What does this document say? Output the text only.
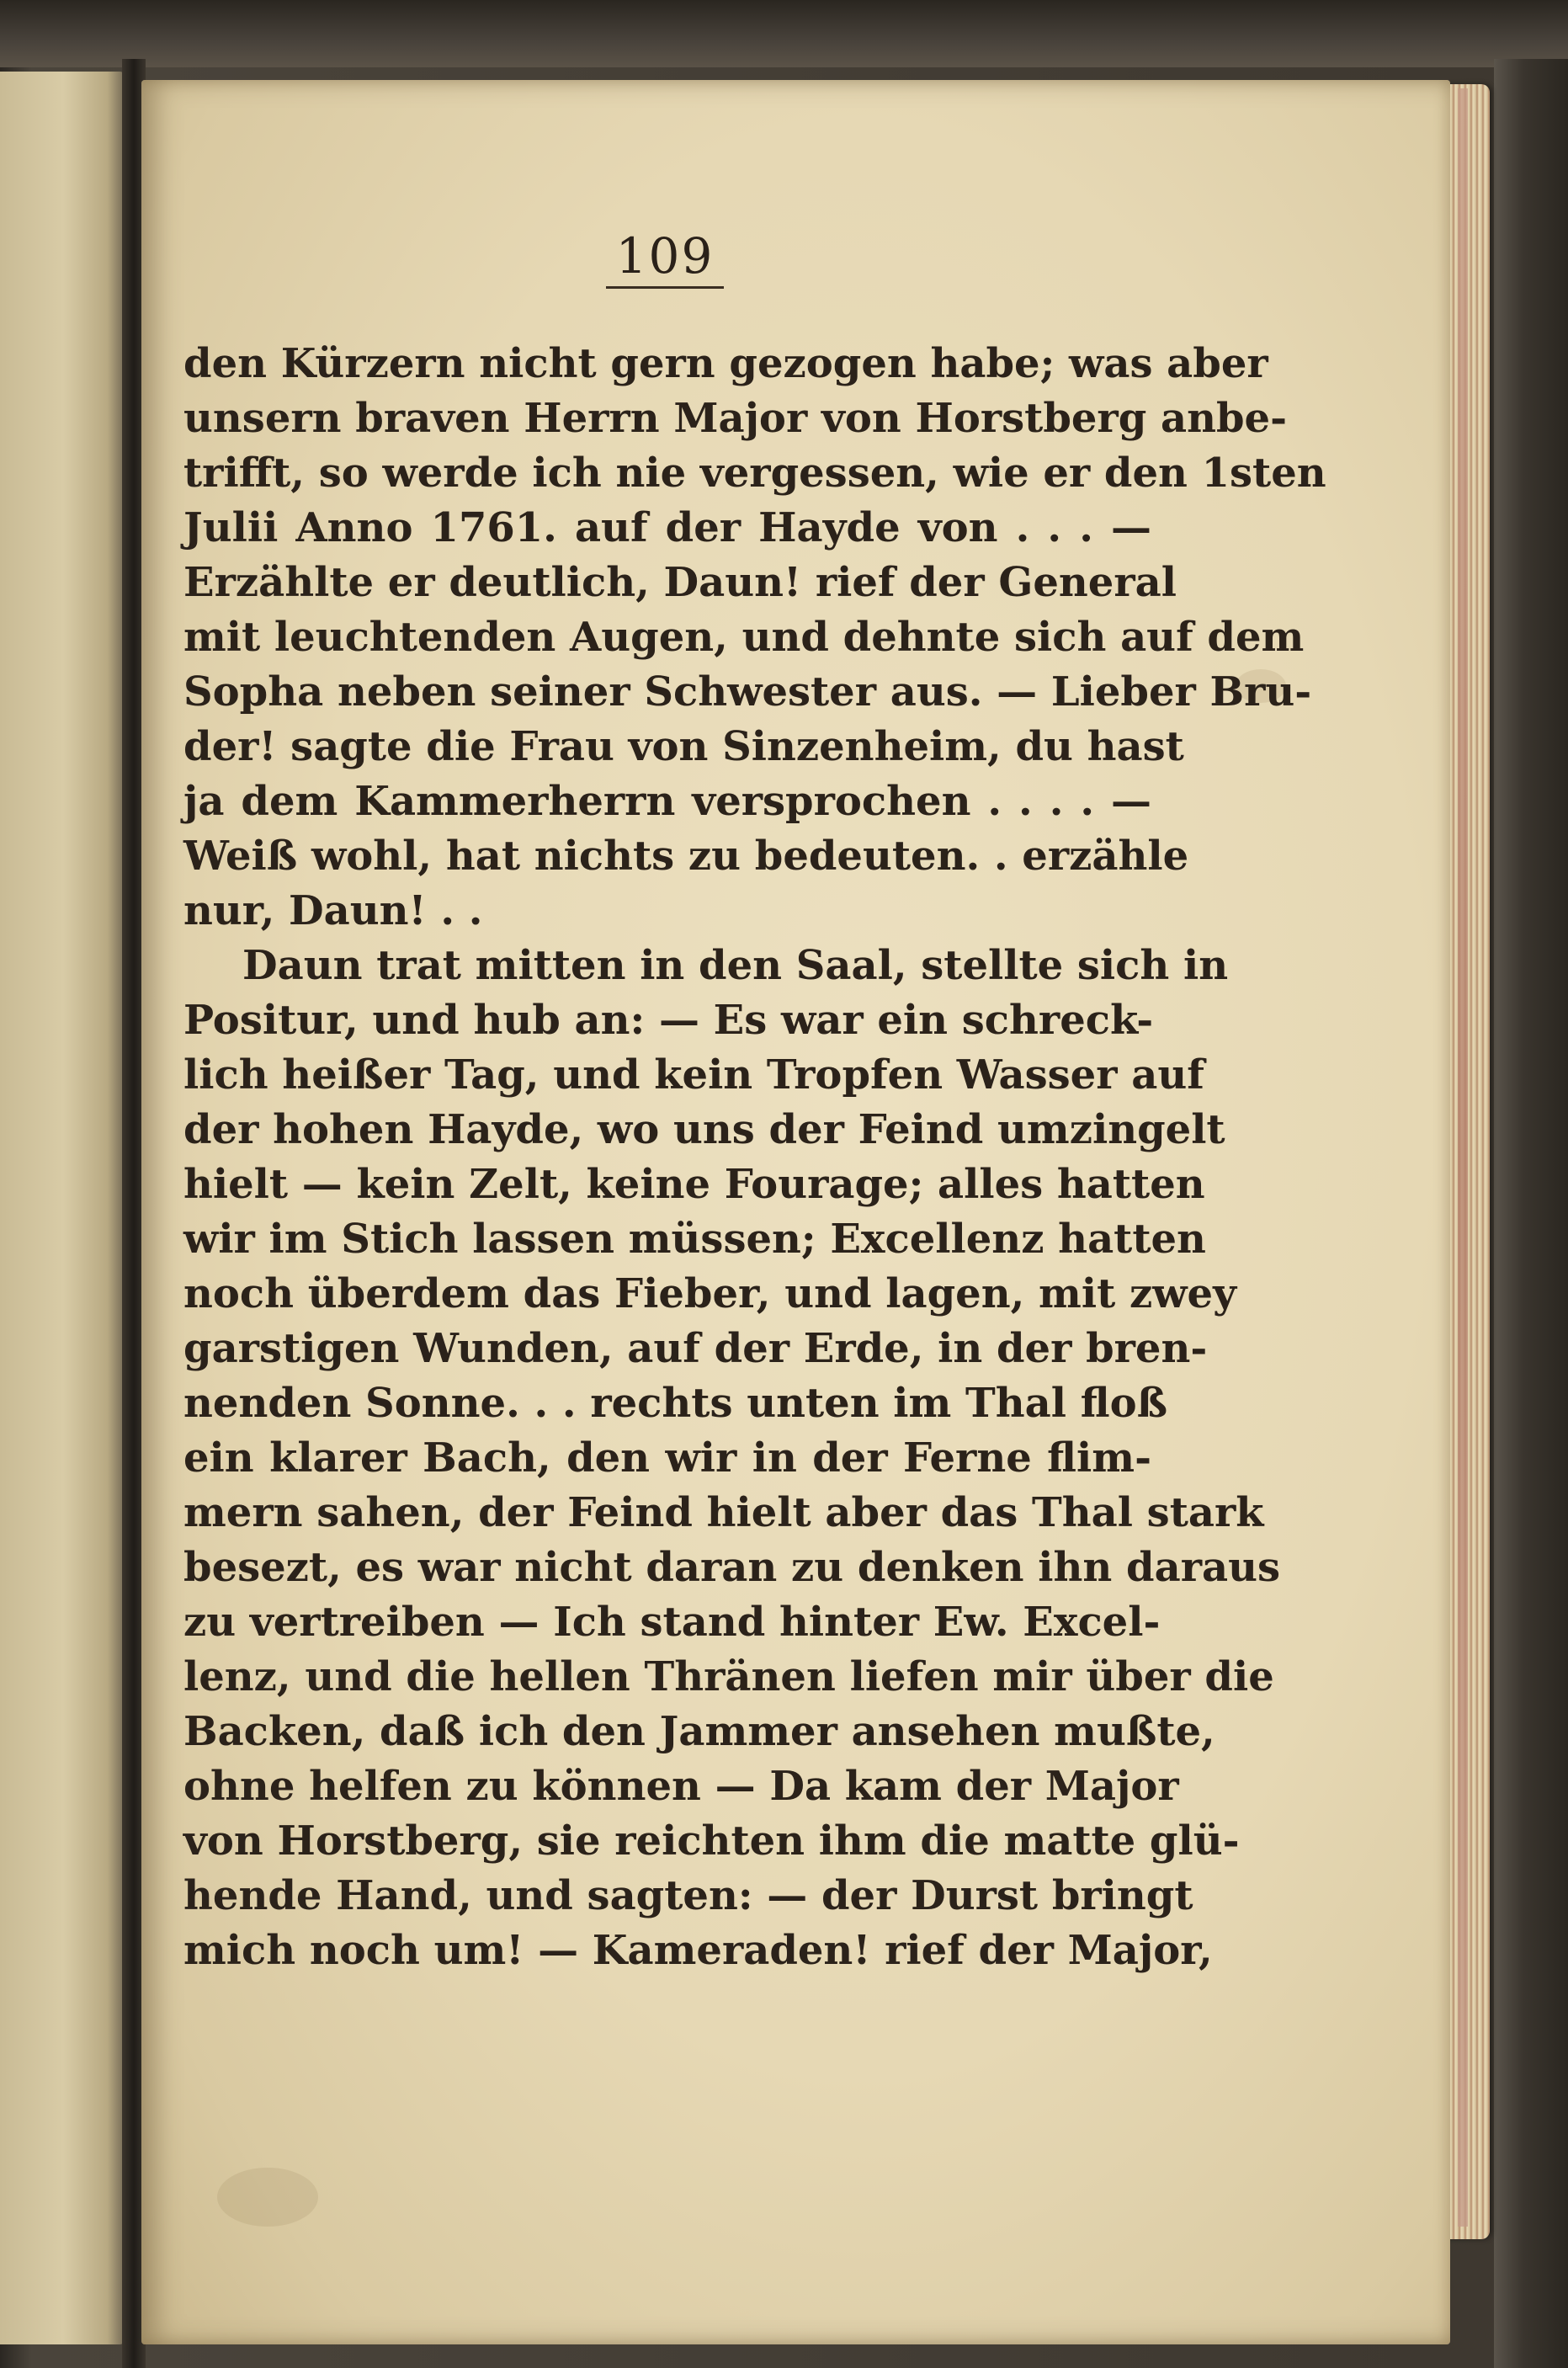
109
den Kürzern nicht gern gezogen habe; was aber
unsern braven Herrn Major von Horstberg anbe-
trifft, so werde ich nie vergessen, wie er den 1sten
Julii Anno 1761. auf der Hayde von . . . —
Erzählte er deutlich, Daun! rief der General
mit leuchtenden Augen, und dehnte sich auf dem
Sopha neben seiner Schwester aus. — Lieber Bru-
der! sagte die Frau von Sinzenheim, du hast
ja dem Kammerherrn versprochen . . . . —
Weiß wohl, hat nichts zu bedeuten. . erzähle
nur, Daun! . .
Daun trat mitten in den Saal, stellte sich in
Positur, und hub an: — Es war ein schreck-
lich heißer Tag, und kein Tropfen Wasser auf
der hohen Hayde, wo uns der Feind umzingelt
hielt — kein Zelt, keine Fourage; alles hatten
wir im Stich lassen müssen; Excellenz hatten
noch überdem das Fieber, und lagen, mit zwey
garstigen Wunden, auf der Erde, in der bren-
nenden Sonne. . . rechts unten im Thal floß
ein klarer Bach, den wir in der Ferne flim-
mern sahen, der Feind hielt aber das Thal stark
besezt, es war nicht daran zu denken ihn daraus
zu vertreiben — Ich stand hinter Ew. Excel-
lenz, und die hellen Thränen liefen mir über die
Backen, daß ich den Jammer ansehen mußte,
ohne helfen zu können — Da kam der Major
von Horstberg, sie reichten ihm die matte glü-
hende Hand, und sagten: — der Durst bringt
mich noch um! — Kameraden! rief der Major,
